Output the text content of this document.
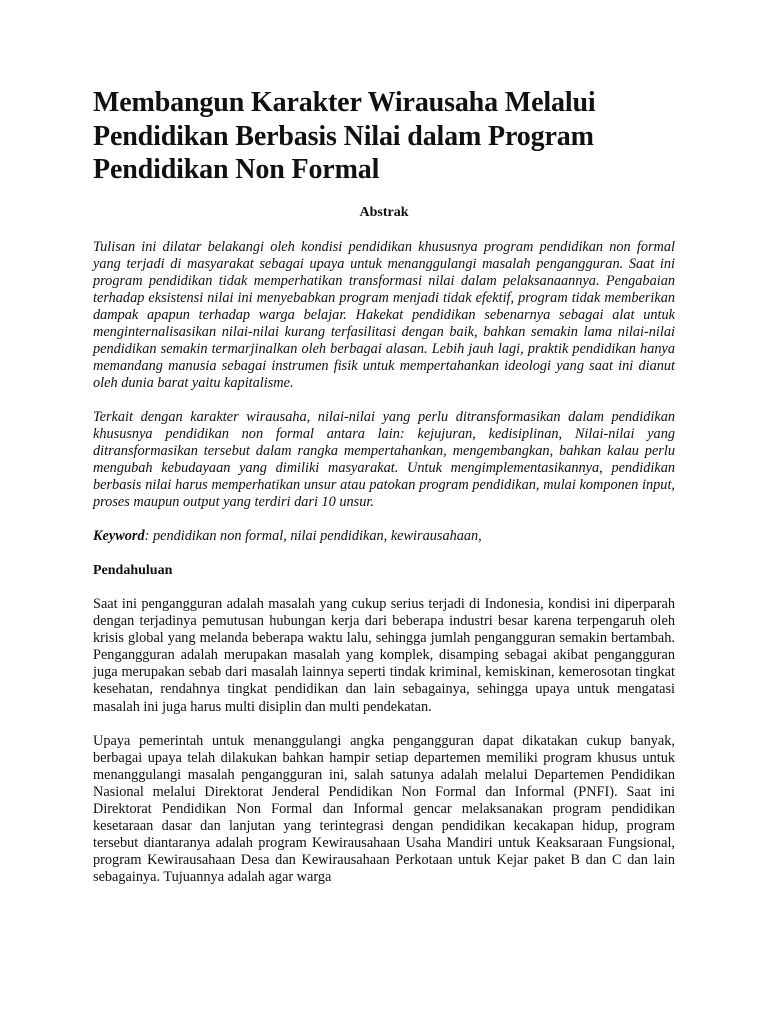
Membangun Karakter Wirausaha Melalui Pendidikan Berbasis Nilai dalam Program Pendidikan Non Formal
Abstrak

Tulisan ini dilatar belakangi oleh kondisi pendidikan khususnya program pendidikan non formal yang terjadi di masyarakat sebagai upaya untuk menanggulangi masalah pengangguran. Saat ini program pendidikan tidak memperhatikan transformasi nilai dalam pelaksanaannya. Pengabaian terhadap eksistensi nilai ini menyebabkan program menjadi tidak efektif, program tidak memberikan dampak apapun terhadap warga belajar. Hakekat pendidikan sebenarnya sebagai alat untuk menginternalisasikan nilai-nilai kurang terfasilitasi dengan baik, bahkan semakin lama nilai-nilai pendidikan semakin termarjinalkan oleh berbagai alasan. Lebih jauh lagi, praktik pendidikan hanya memandang manusia sebagai instrumen fisik untuk mempertahankan ideologi yang saat ini dianut oleh dunia barat yaitu kapitalisme.

Terkait dengan karakter wirausaha, nilai-nilai yang perlu ditransformasikan dalam pendidikan khususnya pendidikan non formal antara lain: kejujuran, kedisiplinan, Nilai-nilai yang ditransformasikan tersebut dalam rangka mempertahankan, mengembangkan, bahkan kalau perlu mengubah kebudayaan yang dimiliki masyarakat. Untuk mengimplementasikannya, pendidikan berbasis nilai harus memperhatikan unsur atau patokan program pendidikan, mulai komponen input, proses maupun output yang terdiri dari 10 unsur.

Keyword: pendidikan non formal, nilai pendidikan, kewirausahaan,

Pendahuluan

Saat ini pengangguran adalah masalah yang cukup serius terjadi di Indonesia, kondisi ini diperparah dengan terjadinya pemutusan hubungan kerja dari beberapa industri besar karena terpengaruh oleh krisis global yang melanda beberapa waktu lalu, sehingga jumlah pengangguran semakin bertambah. Pengangguran adalah merupakan masalah yang komplek, disamping sebagai akibat pengangguran juga merupakan sebab dari masalah lainnya seperti tindak kriminal, kemiskinan, kemerosotan tingkat kesehatan, rendahnya tingkat pendidikan dan lain sebagainya, sehingga upaya untuk mengatasi masalah ini juga harus multi disiplin dan multi pendekatan.

Upaya pemerintah untuk menanggulangi angka pengangguran dapat dikatakan cukup banyak, berbagai upaya telah dilakukan bahkan hampir setiap departemen memiliki program khusus untuk menanggulangi masalah pengangguran ini, salah satunya adalah melalui Departemen Pendidikan Nasional melalui Direktorat Jenderal Pendidikan Non Formal dan Informal (PNFI). Saat ini Direktorat Pendidikan Non Formal dan Informal gencar melaksanakan program pendidikan kesetaraan dasar dan lanjutan yang terintegrasi dengan pendidikan kecakapan hidup, program tersebut diantaranya adalah program Kewirausahaan Usaha Mandiri untuk Keaksaraan Fungsional, program Kewirausahaan Desa dan Kewirausahaan Perkotaan untuk Kejar paket B dan C dan lain sebagainya. Tujuannya adalah agar warga
